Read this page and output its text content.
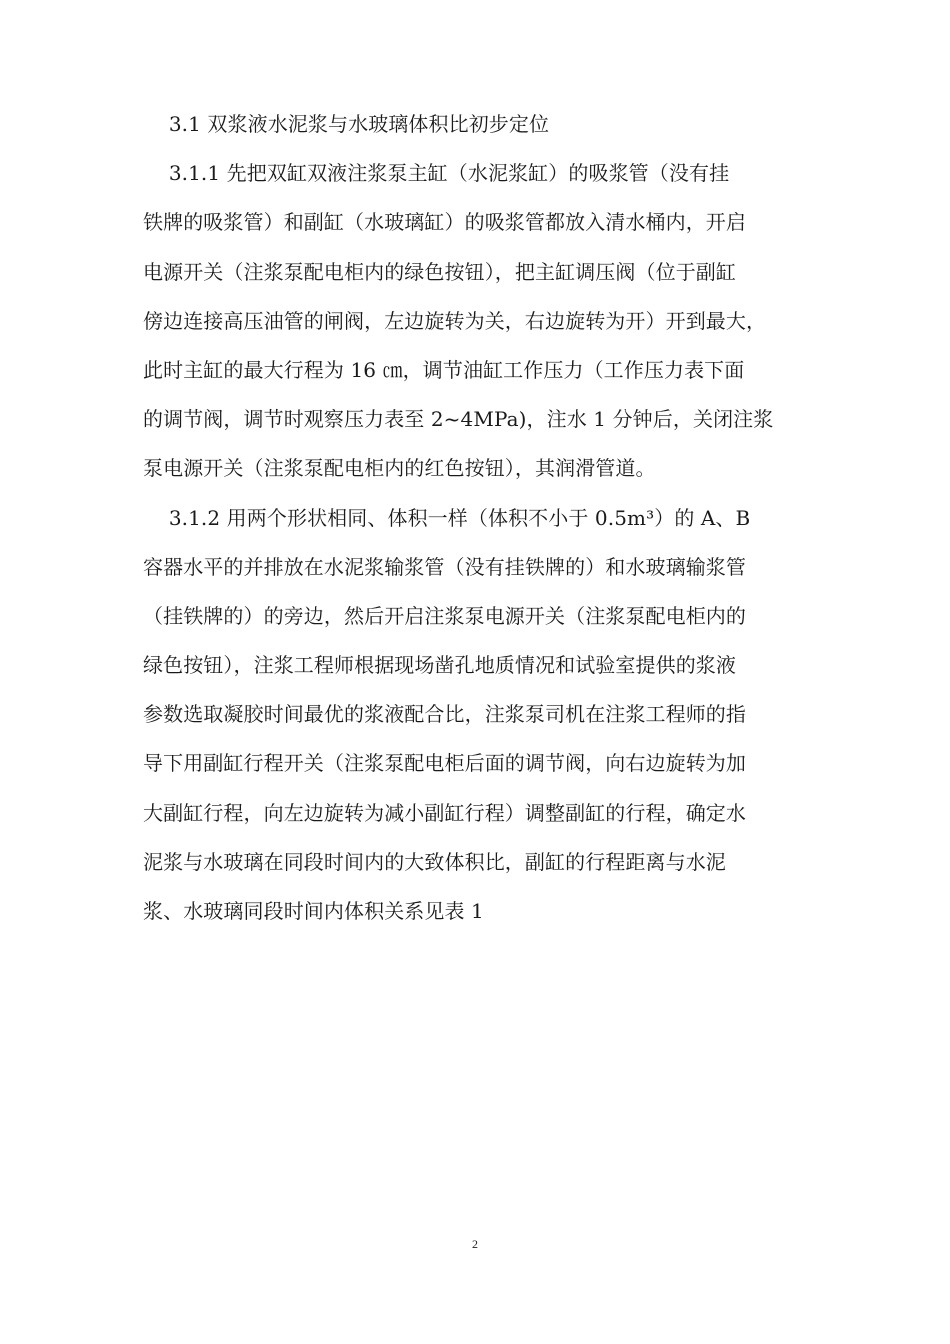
3.1 双浆液水泥浆与水玻璃体积比初步定位
3.1.1 先把双缸双液注浆泵主缸（水泥浆缸）的吸浆管（没有挂
铁牌的吸浆管）和副缸（水玻璃缸）的吸浆管都放入清水桶内，开启
电源开关（注浆泵配电柜内的绿色按钮），把主缸调压阀（位于副缸
傍边连接高压油管的闸阀，左边旋转为关，右边旋转为开）开到最大，
此时主缸的最大行程为 16 ㎝，调节油缸工作压力（工作压力表下面
的调节阀，调节时观察压力表至 2~4MPa)，注水 1 分钟后，关闭注浆
泵电源开关（注浆泵配电柜内的红色按钮），其润滑管道。
3.1.2 用两个形状相同、体积一样（体积不小于 0.5m³）的 A、B
容器水平的并排放在水泥浆输浆管（没有挂铁牌的）和水玻璃输浆管
（挂铁牌的）的旁边，然后开启注浆泵电源开关（注浆泵配电柜内的
绿色按钮），注浆工程师根据现场凿孔地质情况和试验室提供的浆液
参数选取凝胶时间最优的浆液配合比，注浆泵司机在注浆工程师的指
导下用副缸行程开关（注浆泵配电柜后面的调节阀，向右边旋转为加
大副缸行程，向左边旋转为减小副缸行程）调整副缸的行程，确定水
泥浆与水玻璃在同段时间内的大致体积比，副缸的行程距离与水泥
浆、水玻璃同段时间内体积关系见表 1
2
